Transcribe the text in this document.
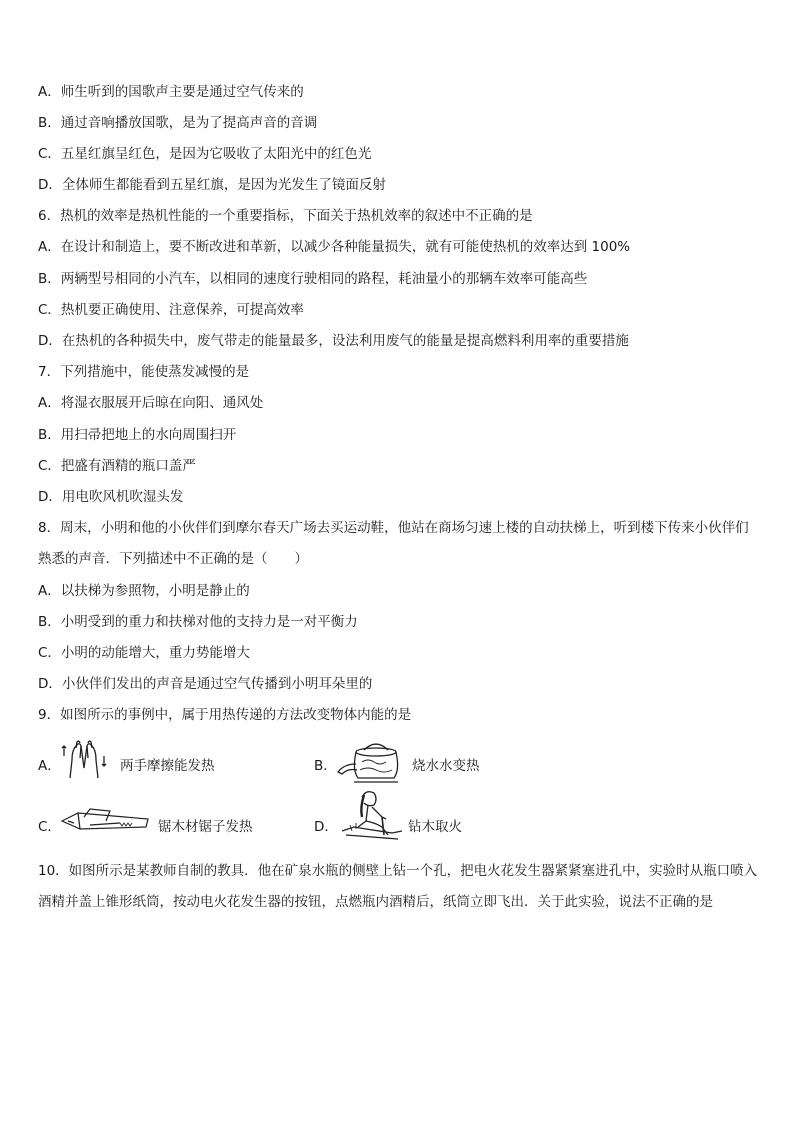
A．师生听到的国歌声主要是通过空气传来的
B．通过音响播放国歌，是为了提高声音的音调
C．五星红旗呈红色，是因为它吸收了太阳光中的红色光
D．全体师生都能看到五星红旗，是因为光发生了镜面反射
6．热机的效率是热机性能的一个重要指标，下面关于热机效率的叙述中不正确的是
A．在设计和制造上，要不断改进和革新，以减少各种能量损失，就有可能使热机的效率达到 100%
B．两辆型号相同的小汽车，以相同的速度行驶相同的路程，耗油量小的那辆车效率可能高些
C．热机要正确使用、注意保养，可提高效率
D．在热机的各种损失中，废气带走的能量最多，设法利用废气的能量是提高燃料利用率的重要措施
7．下列措施中，能使蒸发减慢的是
A．将湿衣服展开后晾在向阳、通风处
B．用扫帚把地上的水向周围扫开
C．把盛有酒精的瓶口盖严
D．用电吹风机吹湿头发
8．周末，小明和他的小伙伴们到摩尔春天广场去买运动鞋，他站在商场匀速上楼的自动扶梯上，听到楼下传来小伙伴们熟悉的声音．下列描述中不正确的是（　　）
A．以扶梯为参照物，小明是静止的
B．小明受到的重力和扶梯对他的支持力是一对平衡力
C．小明的动能增大，重力势能增大
D．小伙伴们发出的声音是通过空气传播到小明耳朵里的
9．如图所示的事例中，属于用热传递的方法改变物体内能的是
A．	两手摩擦能发热	B．	烧水水变热
C．	锯木材锯子发热	D．	钻木取火
10．如图所示是某教师自制的教具．他在矿泉水瓶的侧壁上钻一个孔，把电火花发生器紧紧塞进孔中，实验时从瓶口喷入酒精并盖上锥形纸筒，按动电火花发生器的按钮，点燃瓶内酒精后，纸筒立即飞出．关于此实验，说法不正确的是
